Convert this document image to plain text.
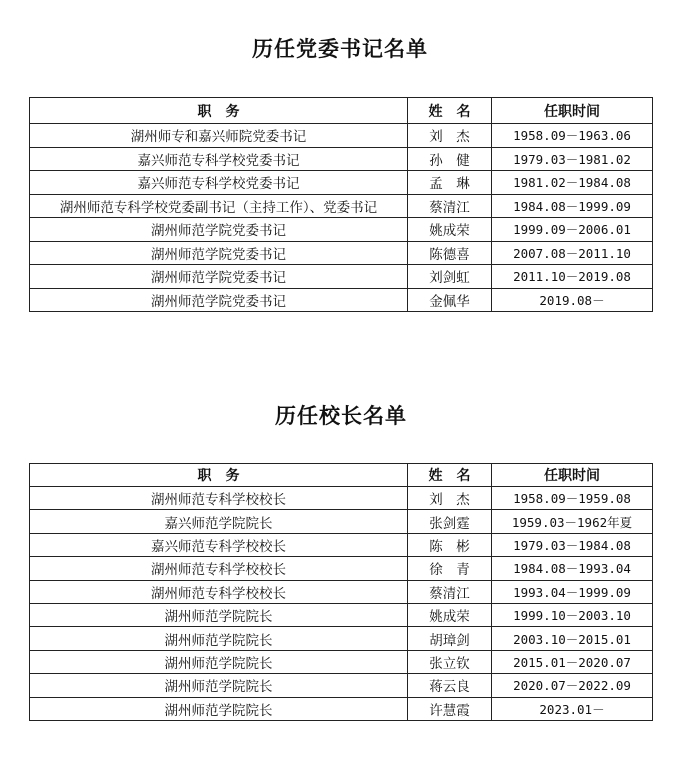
历任党委书记名单
职　务	姓　名	任职时间
湖州师专和嘉兴师院党委书记	刘　杰	1958.09－1963.06
嘉兴师范专科学校党委书记	孙　健	1979.03－1981.02
嘉兴师范专科学校党委书记	孟　琳	1981.02－1984.08
湖州师范专科学校党委副书记（主持工作）、党委书记	蔡清江	1984.08－1999.09
湖州师范学院党委书记	姚成荣	1999.09－2006.01
湖州师范学院党委书记	陈德喜	2007.08－2011.10
湖州师范学院党委书记	刘剑虹	2011.10－2019.08
湖州师范学院党委书记	金佩华	2019.08－
历任校长名单
职　务	姓　名	任职时间
湖州师范专科学校校长	刘　杰	1958.09－1959.08
嘉兴师范学院院长	张剑霆	1959.03－1962年夏
嘉兴师范专科学校校长	陈　彬	1979.03－1984.08
湖州师范专科学校校长	徐　青	1984.08－1993.04
湖州师范专科学校校长	蔡清江	1993.04－1999.09
湖州师范学院院长	姚成荣	1999.10－2003.10
湖州师范学院院长	胡璋剑	2003.10－2015.01
湖州师范学院院长	张立钦	2015.01－2020.07
湖州师范学院院长	蒋云良	2020.07－2022.09
湖州师范学院院长	许慧霞	2023.01－
